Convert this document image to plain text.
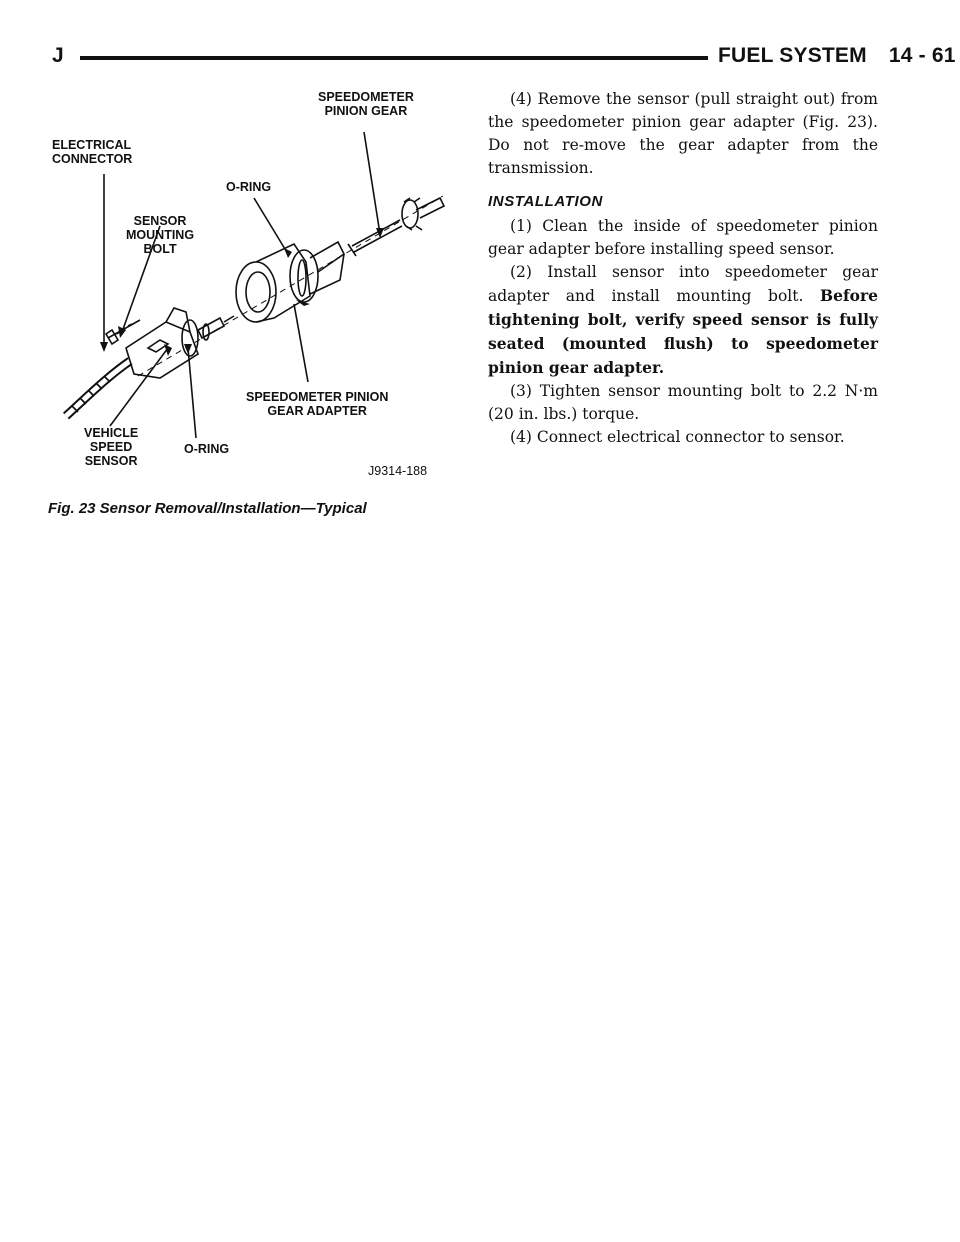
J	FUEL SYSTEM 14 - 61
SPEEDOMETER
PINION GEAR
ELECTRICAL
CONNECTOR
O-RING
SENSOR
MOUNTING
BOLT
SPEEDOMETER PINION
GEAR ADAPTER
VEHICLE
SPEED
SENSOR
O-RING
J9314-188
Fig. 23 Sensor Removal/Installation—Typical

(4) Remove the sensor (pull straight out) from the speedometer pinion gear adapter (Fig. 23). Do not re-move the gear adapter from the transmission.

INSTALLATION

(1) Clean the inside of speedometer pinion gear adapter before installing speed sensor.

(2) Install sensor into speedometer gear adapter and install mounting bolt. Before tightening bolt, verify speed sensor is fully seated (mounted flush) to speedometer pinion gear adapter.

(3) Tighten sensor mounting bolt to 2.2 N·m (20 in. lbs.) torque.

(4) Connect electrical connector to sensor.
